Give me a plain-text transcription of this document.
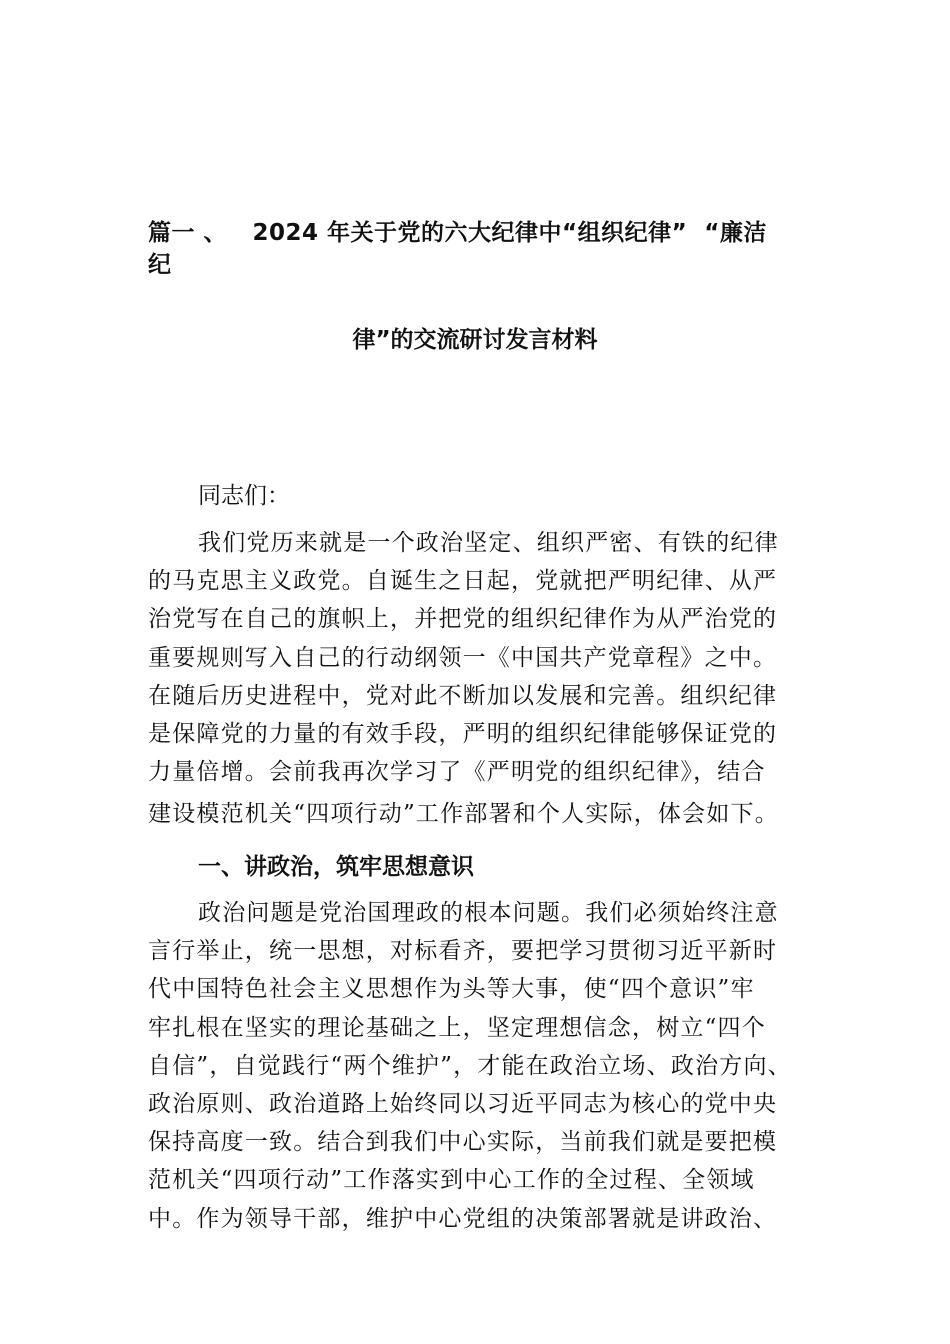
篇一 、   2024 年关于党的六大纪律中“组织纪律”  “廉洁
纪
律”的交流研讨发言材料
同志们：
我们党历来就是一个政治坚定、组织严密、有铁的纪律
的马克思主义政党。自诞生之日起，党就把严明纪律、从严
治党写在自己的旗帜上，并把党的组织纪律作为从严治党的
重要规则写入自己的行动纲领一《中国共产党章程》之中。
在随后历史进程中，党对此不断加以发展和完善。组织纪律
是保障党的力量的有效手段，严明的组织纪律能够保证党的
力量倍增。会前我再次学习了《严明党的组织纪律》，结合
建设模范机关“四项行动”工作部署和个人实际，体会如下。
一、讲政治，筑牢思想意识
政治问题是党治国理政的根本问题。我们必须始终注意
言行举止，统一思想，对标看齐，要把学习贯彻习近平新时
代中国特色社会主义思想作为头等大事，使“四个意识”牢
牢扎根在坚实的理论基础之上，坚定理想信念，树立“四个
自信”，自觉践行“两个维护”，才能在政治立场、政治方向、
政治原则、政治道路上始终同以习近平同志为核心的党中央
保持高度一致。结合到我们中心实际，当前我们就是要把模
范机关“四项行动”工作落实到中心工作的全过程、全领域
中。作为领导干部，维护中心党组的决策部署就是讲政治、
